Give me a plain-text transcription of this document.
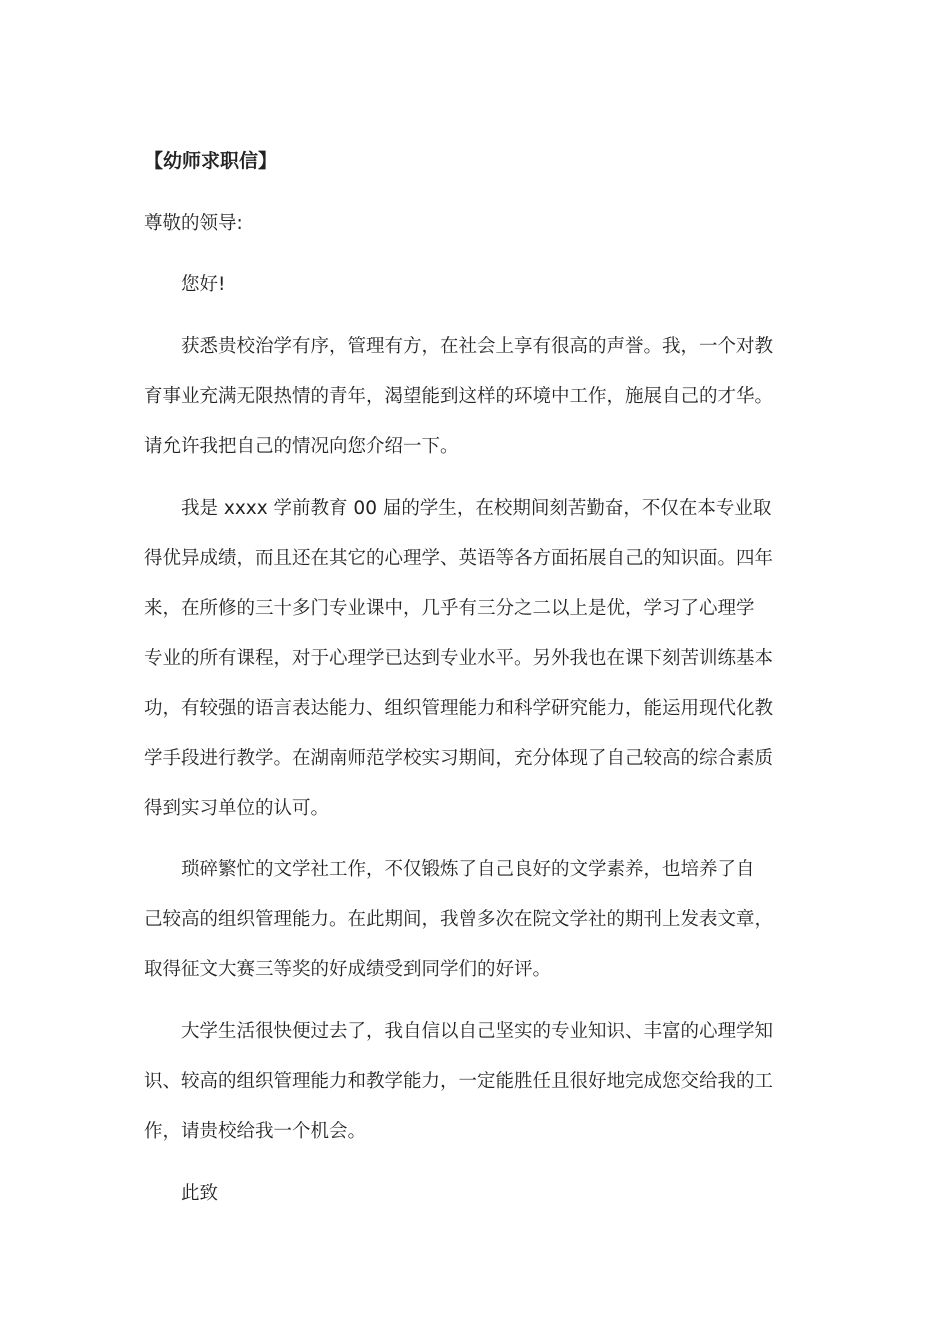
【幼师求职信】
尊敬的领导:
您好!
获悉贵校治学有序，管理有方，在社会上享有很高的声誉。我，一个对教
育事业充满无限热情的青年，渴望能到这样的环境中工作，施展自己的才华。
请允许我把自己的情况向您介绍一下。
我是 xxxx 学前教育 00 届的学生，在校期间刻苦勤奋，不仅在本专业取
得优异成绩，而且还在其它的心理学、英语等各方面拓展自己的知识面。四年
来，在所修的三十多门专业课中，几乎有三分之二以上是优，学习了心理学
专业的所有课程，对于心理学已达到专业水平。另外我也在课下刻苦训练基本
功，有较强的语言表达能力、组织管理能力和科学研究能力，能运用现代化教
学手段进行教学。在湖南师范学校实习期间，充分体现了自己较高的综合素质
得到实习单位的认可。
琐碎繁忙的文学社工作，不仅锻炼了自己良好的文学素养，也培养了自
己较高的组织管理能力。在此期间，我曾多次在院文学社的期刊上发表文章，
取得征文大赛三等奖的好成绩受到同学们的好评。
大学生活很快便过去了，我自信以自己坚实的专业知识、丰富的心理学知
识、较高的组织管理能力和教学能力，一定能胜任且很好地完成您交给我的工
作，请贵校给我一个机会。
此致
